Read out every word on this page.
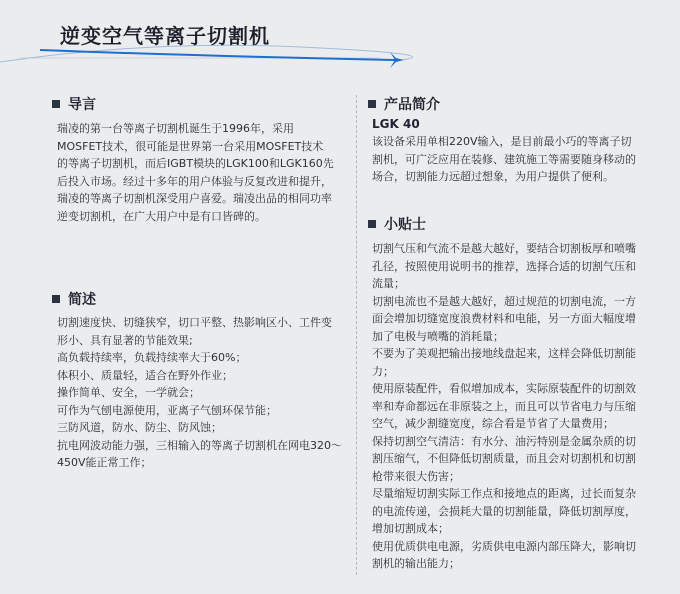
逆变空气等离子切割机
导言
瑞凌的第一台等离子切割机诞生于1996年，采用
MOSFET技术，很可能是世界第一台采用MOSFET技术
的等离子切割机，而后IGBT模块的LGK100和LGK160先
后投入市场。经过十多年的用户体验与反复改进和提升，
瑞凌的等离子切割机深受用户喜爱。瑞凌出品的相同功率
逆变切割机，在广大用户中是有口皆碑的。
简述
切割速度快、切缝狭窄，切口平整、热影响区小、工件变
形小、具有显著的节能效果;
高负载持续率，负载持续率大于60%；
体积小、质量轻，适合在野外作业；
操作简单、安全，一学就会；
可作为气刨电源使用，亚离子气刨环保节能；
三防风道，防水、防尘、防风蚀；
抗电网波动能力强，三相输入的等离子切割机在网电320～
450V能正常工作；
产品简介
LGK 40
该设备采用单相220V输入，是目前最小巧的等离子切
割机，可广泛应用在装修、建筑施工等需要随身移动的
场合，切割能力远超过想象，为用户提供了便利。
小贴士
切割气压和气流不是越大越好，要结合切割板厚和喷嘴
孔径，按照使用说明书的推荐，选择合适的切割气压和
流量；
切割电流也不是越大越好，超过规范的切割电流，一方
面会增加切缝宽度浪费材料和电能，另一方面大幅度增
加了电极与喷嘴的消耗量；
不要为了美观把输出接地线盘起来，这样会降低切割能
力；
使用原装配件，看似增加成本，实际原装配件的切割效
率和寿命都远在非原装之上，而且可以节省电力与压缩
空气，减少割缝宽度，综合看是节省了大量费用；
保持切割空气清洁：有水分、油污特别是金属杂质的切
割压缩气，不但降低切割质量，而且会对切割机和切割
枪带来很大伤害；
尽量缩短切割实际工作点和接地点的距离，过长而复杂
的电流传递，会损耗大量的切割能量，降低切割厚度，
增加切割成本；
使用优质供电电源，劣质供电电源内部压降大，影响切
割机的输出能力；
